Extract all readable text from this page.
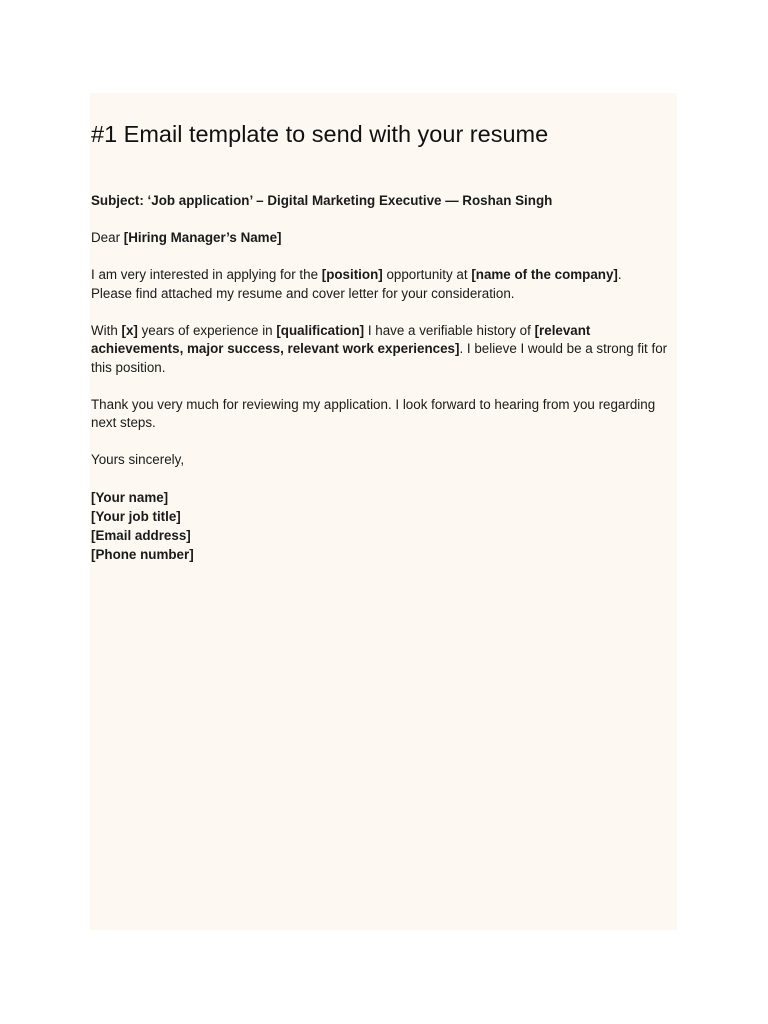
#1 Email template to send with your resume

Subject: ‘Job application’ – Digital Marketing Executive — Roshan Singh

Dear [Hiring Manager’s Name]

I am very interested in applying for the [position] opportunity at [name of the company].
Please find attached my resume and cover letter for your consideration.

With [x] years of experience in [qualification] I have a verifiable history of [relevant achievements, major success, relevant work experiences]. I believe I would be a strong fit for this position.

Thank you very much for reviewing my application. I look forward to hearing from you regarding next steps.

Yours sincerely,

[Your name]
[Your job title]
[Email address]
[Phone number]
